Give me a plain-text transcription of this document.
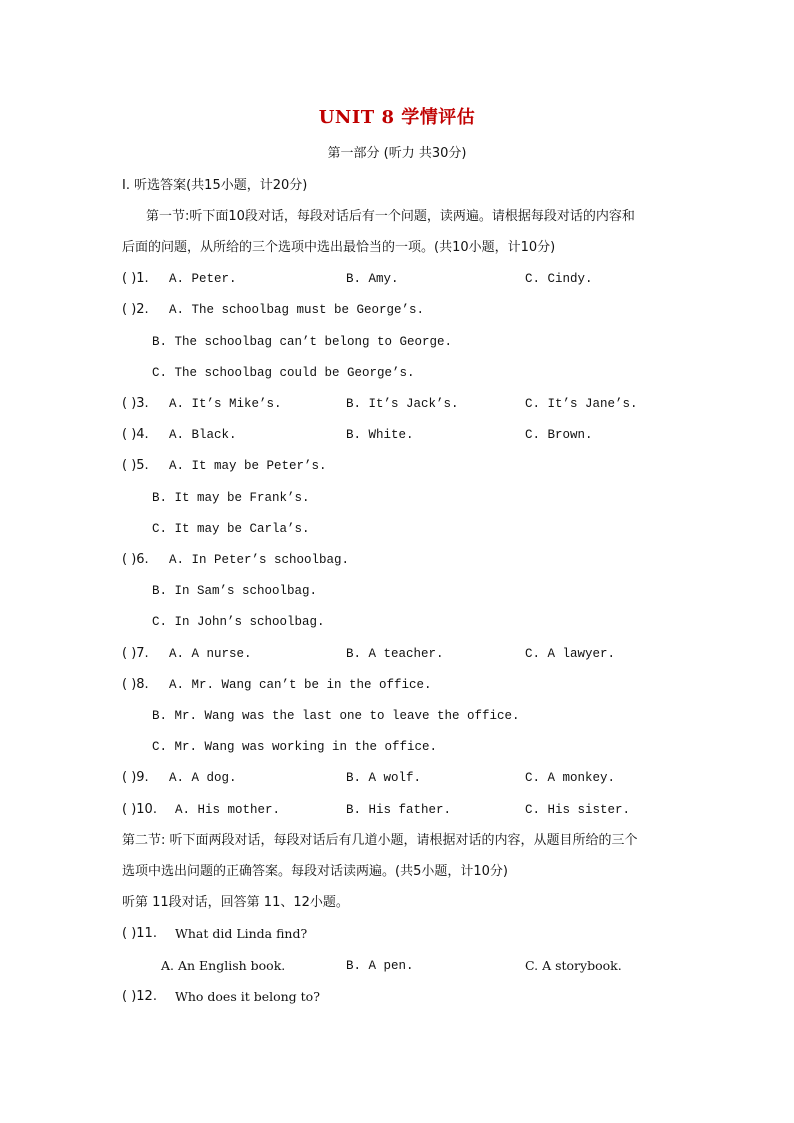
UNIT 8 学情评估
第一部分 (听力 共30分)
Ⅰ. 听选答案(共15小题，计20分)
第一节:听下面10段对话，每段对话后有一个问题，读两遍。请根据每段对话的内容和
后面的问题，从所给的三个选项中选出最恰当的一项。(共10小题，计10分)
( )1. A. Peter.	B. Amy.	C. Cindy.
( )2. A. The schoolbag must be George’s.
B. The schoolbag can’t belong to George.
C. The schoolbag could be George’s.
( )3. A. It’s Mike’s.	B. It’s Jack’s.	C. It’s Jane’s.
( )4. A. Black.	B. White.	C. Brown.
( )5. A. It may be Peter’s.
B. It may be Frank’s.
C. It may be Carla’s.
( )6. A. In Peter’s schoolbag.
B. In Sam’s schoolbag.
C. In John’s schoolbag.
( )7. A. A nurse.	B. A teacher.	C. A lawyer.
( )8. A. Mr. Wang can’t be in the office.
B. Mr. Wang was the last one to leave the office.
C. Mr. Wang was working in the office.
( )9. A. A dog.	B. A wolf.	C. A monkey.
( )10. A. His mother.	B. His father.	C. His sister.
第二节: 听下面两段对话，每段对话后有几道小题，请根据对话的内容，从题目所给的三个
选项中选出问题的正确答案。每段对话读两遍。(共5小题，计10分)
听第 11段对话，回答第 11、12小题。
( )11. What did Linda find?
A. An English book.	B. A pen.	C. A storybook.
( )12. Who does it belong to?
